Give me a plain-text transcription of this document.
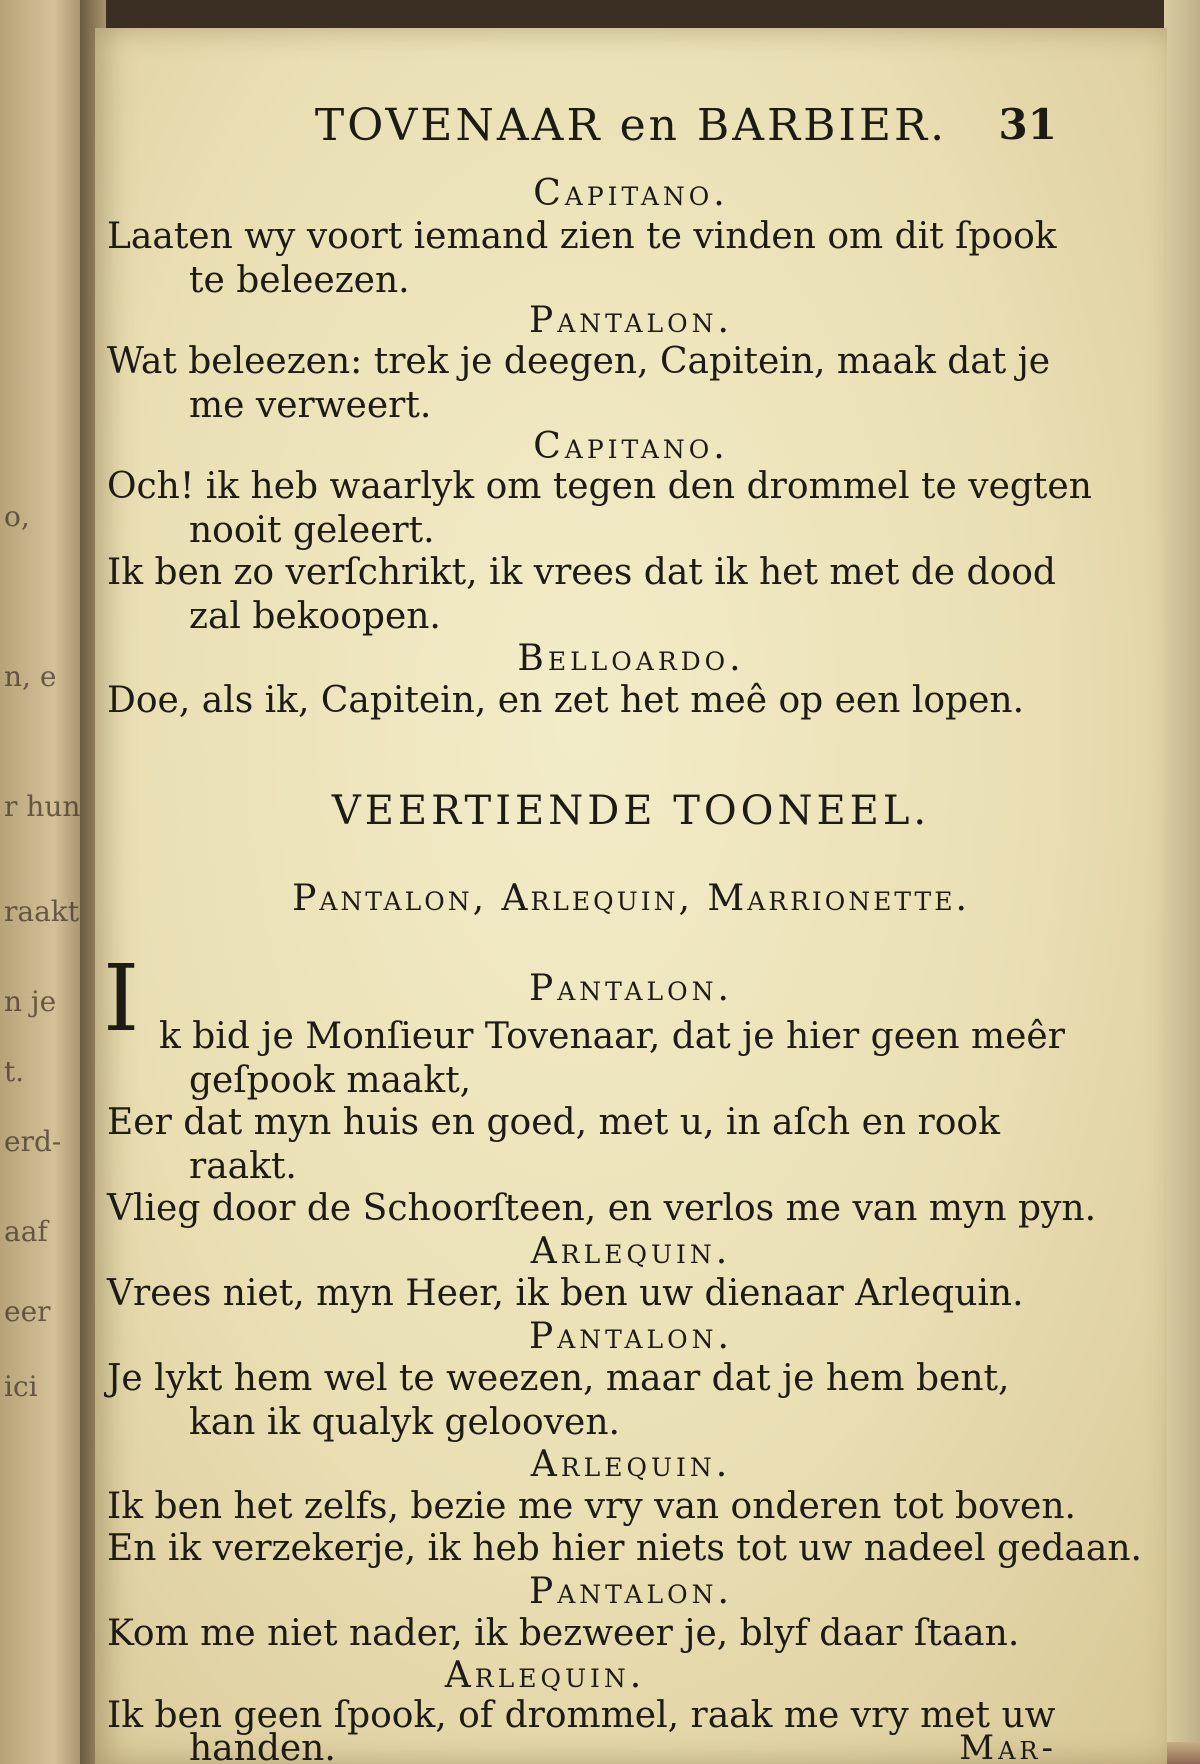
o,
n, e
r hun
raakt
n je
t.
erd-
aaf
eer
ici
TOVENAAR en BARBIER.	31
Capitano.
Laaten wy voort iemand zien te vinden om dit ſpook
te beleezen.
Pantalon.
Wat beleezen: trek je deegen, Capitein, maak dat je
me verweert.
Capitano.
Och! ik heb waarlyk om tegen den drommel te vegten
nooit geleert.
Ik ben zo verſchrikt, ik vrees dat ik het met de dood
zal bekoopen.
Belloardo.
Doe, als ik, Capitein, en zet het meê op een lopen.
VEERTIENDE TOONEEL.
Pantalon, Arlequin, Marrionette.
Pantalon.
I k bid je Monſieur Tovenaar, dat je hier geen meêr
geſpook maakt,
Eer dat myn huis en goed, met u, in aſch en rook
raakt.
Vlieg door de Schoorſteen, en verlos me van myn pyn.
Arlequin.
Vrees niet, myn Heer, ik ben uw dienaar Arlequin.
Pantalon.
Je lykt hem wel te weezen, maar dat je hem bent,
kan ik qualyk gelooven.
Arlequin.
Ik ben het zelfs, bezie me vry van onderen tot boven.
En ik verzekerje, ik heb hier niets tot uw nadeel gedaan.
Pantalon.
Kom me niet nader, ik bezweer je, blyf daar ſtaan.
Arlequin.
Ik ben geen ſpook, of drommel, raak me vry met uw
handen.	Mar-
